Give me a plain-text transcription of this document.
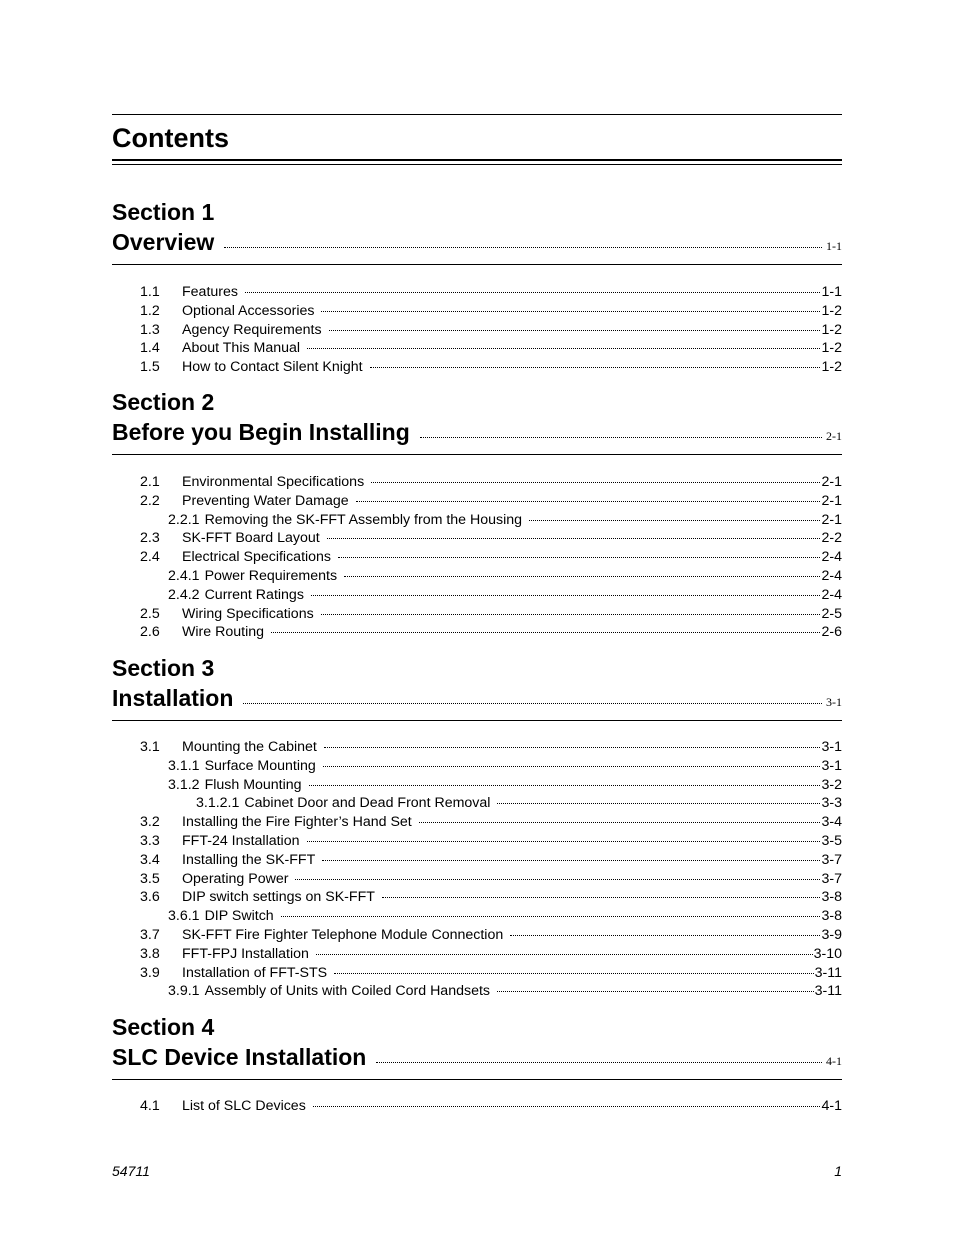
Contents
Section 1
Overview	1-1
1.1	Features	1-1
1.2	Optional Accessories	1-2
1.3	Agency Requirements	1-2
1.4	About This Manual	1-2
1.5	How to Contact Silent Knight	1-2
Section 2
Before you Begin Installing	2-1
2.1	Environmental Specifications	2-1
2.2	Preventing Water Damage	2-1
2.2.1 Removing the SK-FFT Assembly from the Housing	2-1
2.3	SK-FFT Board Layout	2-2
2.4	Electrical Specifications	2-4
2.4.1 Power Requirements	2-4
2.4.2 Current Ratings	2-4
2.5	Wiring Specifications	2-5
2.6	Wire Routing	2-6
Section 3
Installation	3-1
3.1	Mounting the Cabinet	3-1
3.1.1 Surface Mounting	3-1
3.1.2 Flush Mounting	3-2
3.1.2.1 Cabinet Door and Dead Front Removal	3-3
3.2	Installing the Fire Fighter’s Hand Set	3-4
3.3	FFT-24 Installation	3-5
3.4	Installing the SK-FFT	3-7
3.5	Operating Power	3-7
3.6	DIP switch settings on SK-FFT	3-8
3.6.1 DIP Switch	3-8
3.7	SK-FFT Fire Fighter Telephone Module Connection	3-9
3.8	FFT-FPJ Installation	3-10
3.9	Installation of FFT-STS	3-11
3.9.1 Assembly of Units with Coiled Cord Handsets	3-11
Section 4
SLC Device Installation	4-1
4.1	List of SLC Devices	4-1
54711	1
